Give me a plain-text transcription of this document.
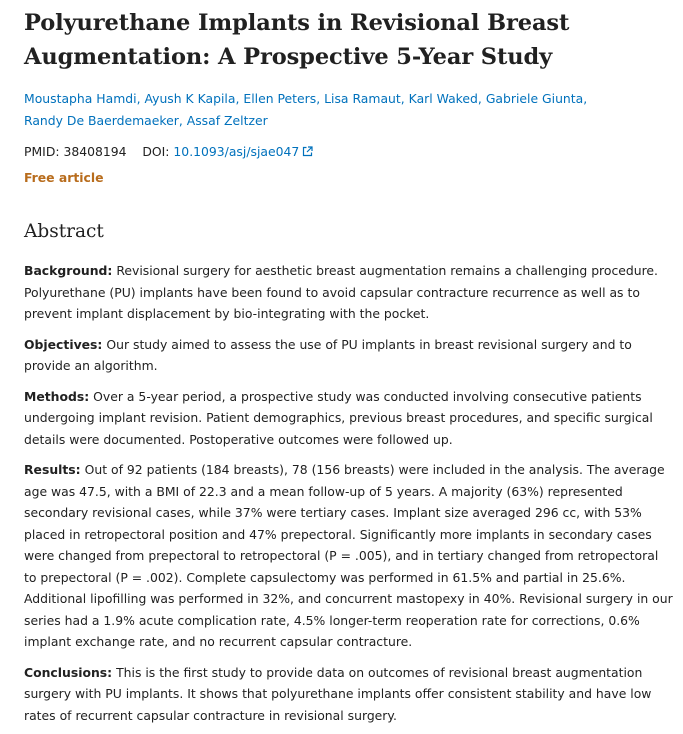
Polyurethane Implants in Revisional Breast
Augmentation: A Prospective 5-Year Study
Moustapha Hamdi, Ayush K Kapila, Ellen Peters, Lisa Ramaut, Karl Waked, Gabriele Giunta,
Randy De Baerdemaeker, Assaf Zeltzer
PMID: 38408194 DOI: 10.1093/asj/sjae047
Free article
Abstract

Background: Revisional surgery for aesthetic breast augmentation remains a challenging procedure. Polyurethane (PU) implants have been found to avoid capsular contracture recurrence as well as to prevent implant displacement by bio-integrating with the pocket.

Objectives: Our study aimed to assess the use of PU implants in breast revisional surgery and to provide an algorithm.

Methods: Over a 5-year period, a prospective study was conducted involving consecutive patients undergoing implant revision. Patient demographics, previous breast procedures, and specific surgical details were documented. Postoperative outcomes were followed up.

Results: Out of 92 patients (184 breasts), 78 (156 breasts) were included in the analysis. The average age was 47.5, with a BMI of 22.3 and a mean follow-up of 5 years. A majority (63%) represented secondary revisional cases, while 37% were tertiary cases. Implant size averaged 296 cc, with 53% placed in retropectoral position and 47% prepectoral. Significantly more implants in secondary cases were changed from prepectoral to retropectoral (P = .005), and in tertiary changed from retropectoral to prepectoral (P = .002). Complete capsulectomy was performed in 61.5% and partial in 25.6%. Additional lipofilling was performed in 32%, and concurrent mastopexy in 40%. Revisional surgery in our series had a 1.9% acute complication rate, 4.5% longer-term reoperation rate for corrections, 0.6% implant exchange rate, and no recurrent capsular contracture.

Conclusions: This is the first study to provide data on outcomes of revisional breast augmentation surgery with PU implants. It shows that polyurethane implants offer consistent stability and have low rates of recurrent capsular contracture in revisional surgery.
